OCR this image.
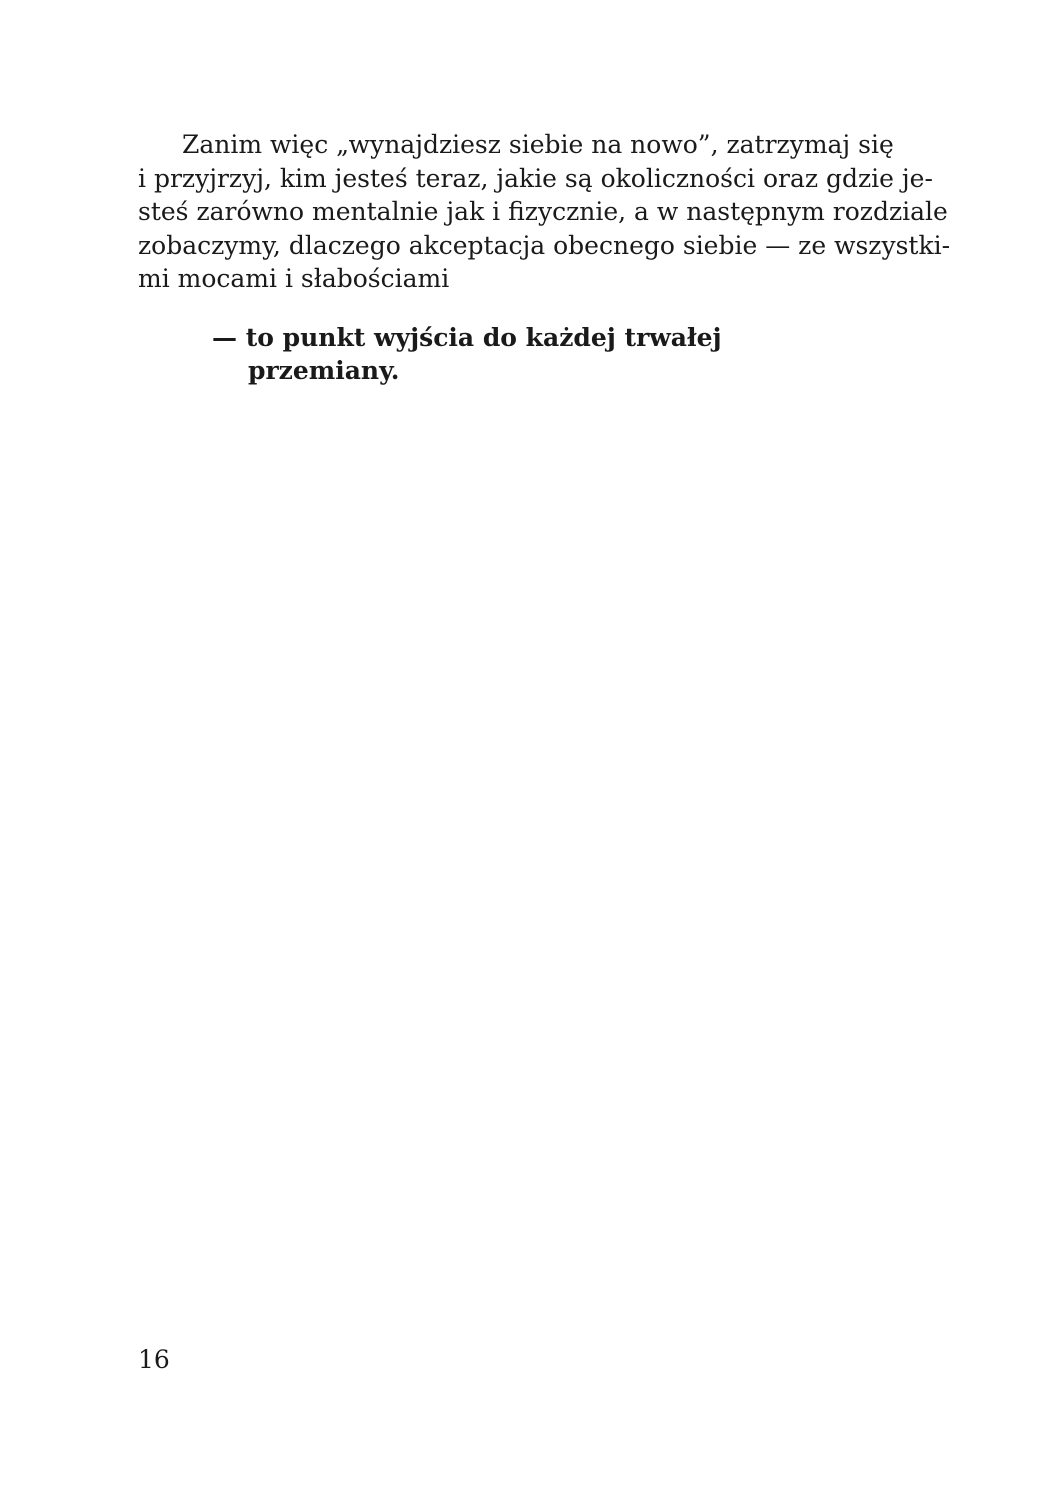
Zanim więc „wynajdziesz siebie na nowo”, zatrzymaj się
i przyjrzyj, kim jesteś teraz, jakie są okoliczności oraz gdzie je-
steś zarówno mentalnie jak i fizycznie, a w następnym rozdziale
zobaczymy, dlaczego akceptacja obecnego siebie — ze wszystki-
mi mocami i słabościami
— to punkt wyjścia do każdej trwałej
przemiany.
16
